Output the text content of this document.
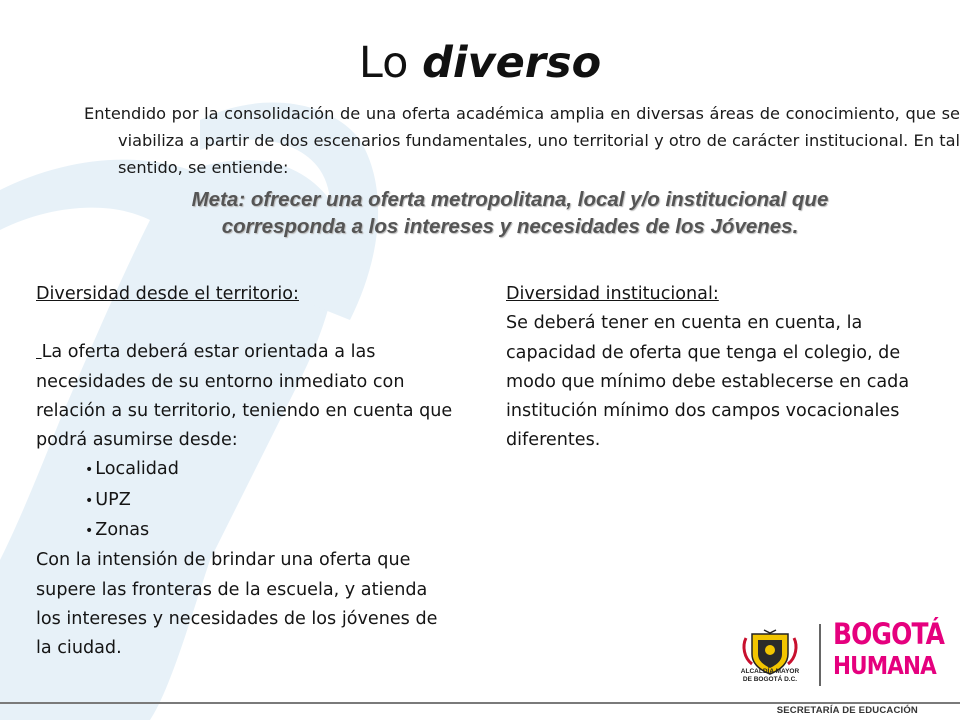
Lo diverso

Entendido por la consolidación de una oferta académica amplia en diversas áreas de conocimiento, que se viabiliza a partir de dos escenarios fundamentales, uno territorial y otro de carácter institucional. En tal sentido, se entiende:

Meta: ofrecer una oferta metropolitana, local y/o institucional que corresponda a los intereses y necesidades de los Jóvenes.

Diversidad desde el territorio:

La oferta deberá estar orientada a las necesidades de su entorno inmediato con relación a su territorio, teniendo en cuenta que podrá asumirse desde:

• Localidad
• UPZ
• Zonas

Con la intensión de brindar una oferta que supere las fronteras de la escuela, y atienda los intereses y necesidades de los jóvenes de la ciudad.

Diversidad institucional:

Se deberá tener en cuenta en cuenta, la capacidad de oferta que tenga el colegio, de modo que mínimo debe establecerse en cada institución mínimo dos campos vocacionales diferentes.

ALCALDÍA MAYOR
DE BOGOTÁ D.C.
BOGOTÁ
HUMANA
SECRETARÍA DE EDUCACIÓN
